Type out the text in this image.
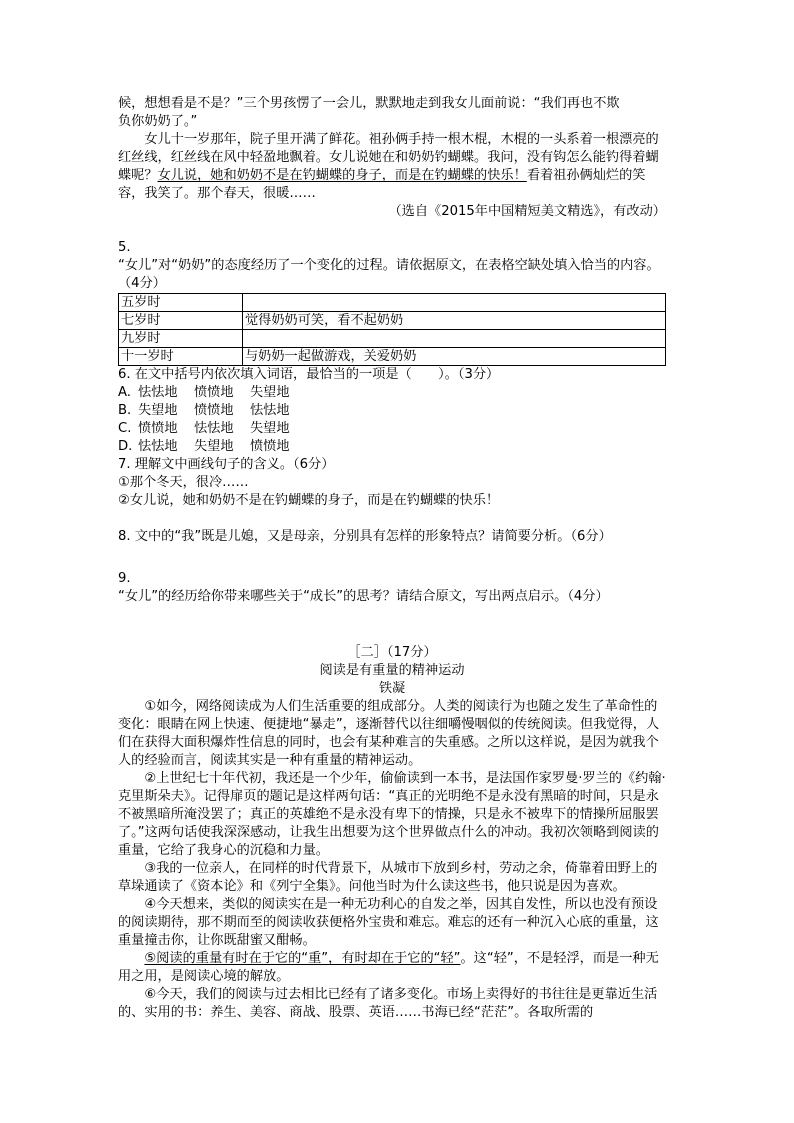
候，想想看是不是？”三个男孩愣了一会儿，默默地走到我女儿面前说：“我们再也不欺

负你奶奶了。”

女儿十一岁那年，院子里开满了鲜花。祖孙俩手持一根木棍，木棍的一头系着一根漂亮的红丝线，红丝线在风中轻盈地飘着。女儿说她在和奶奶钓蝴蝶。我问，没有钩怎么能钓得着蝴蝶呢？女儿说，她和奶奶不是在钓蝴蝶的身子，而是在钓蝴蝶的快乐！看着祖孙俩灿烂的笑容，我笑了。那个春天，很暖……

（选自《2015年中国精短美文精选》，有改动）

5.

“女儿”对“奶奶”的态度经历了一个变化的过程。请依据原文，在表格空缺处填入恰当的内容。（4分）

五岁时	
七岁时	觉得奶奶可笑，看不起奶奶
九岁时	
十一岁时	与奶奶一起做游戏，关爱奶奶

6. 在文中括号内依次填入词语，最恰当的一项是（　　）。（3分）

A. 怯怯地	愤愤地	失望地
B. 失望地	愤愤地	怯怯地
C. 愤愤地	怯怯地	失望地
D. 怯怯地	失望地	愤愤地

7. 理解文中画线句子的含义。（6分）

①那个冬天，很冷……

②女儿说，她和奶奶不是在钓蝴蝶的身子，而是在钓蝴蝶的快乐！

8. 文中的“我”既是儿媳，又是母亲，分别具有怎样的形象特点？请简要分析。（6分）

9.

“女儿”的经历给你带来哪些关于“成长”的思考？请结合原文，写出两点启示。（4分）

［二］（17分）

阅读是有重量的精神运动

铁凝

①如今，网络阅读成为人们生活重要的组成部分。人类的阅读行为也随之发生了革命性的变化：眼睛在网上快速、便捷地“暴走”，逐渐替代以往细嚼慢咽似的传统阅读。但我觉得，人们在获得大面积爆炸性信息的同时，也会有某种难言的失重感。之所以这样说，是因为就我个人的经验而言，阅读其实是一种有重量的精神运动。

②上世纪七十年代初，我还是一个少年，偷偷读到一本书，是法国作家罗曼·罗兰的《约翰·克里斯朵夫》。记得扉页的题记是这样两句话：“真正的光明绝不是永没有黑暗的时间，只是永不被黑暗所淹没罢了；真正的英雄绝不是永没有卑下的情操，只是永不被卑下的情操所屈服罢了。”这两句话使我深深感动，让我生出想要为这个世界做点什么的冲动。我初次领略到阅读的重量，它给了我身心的沉稳和力量。

③我的一位亲人，在同样的时代背景下，从城市下放到乡村，劳动之余，倚靠着田野上的草垛通读了《资本论》和《列宁全集》。问他当时为什么读这些书，他只说是因为喜欢。

④今天想来，类似的阅读实在是一种无功利心的自发之举，因其自发性，所以也没有预设的阅读期待，那不期而至的阅读收获便格外宝贵和难忘。难忘的还有一种沉入心底的重量，这重量撞击你，让你既甜蜜又酣畅。

⑤阅读的重量有时在于它的“重”，有时却在于它的“轻”。这“轻”，不是轻浮，而是一种无用之用，是阅读心境的解放。

⑥今天，我们的阅读与过去相比已经有了诸多变化。市场上卖得好的书往往是更靠近生活的、实用的书：养生、美容、商战、股票、英语……书海已经“茫茫”。各取所需的
